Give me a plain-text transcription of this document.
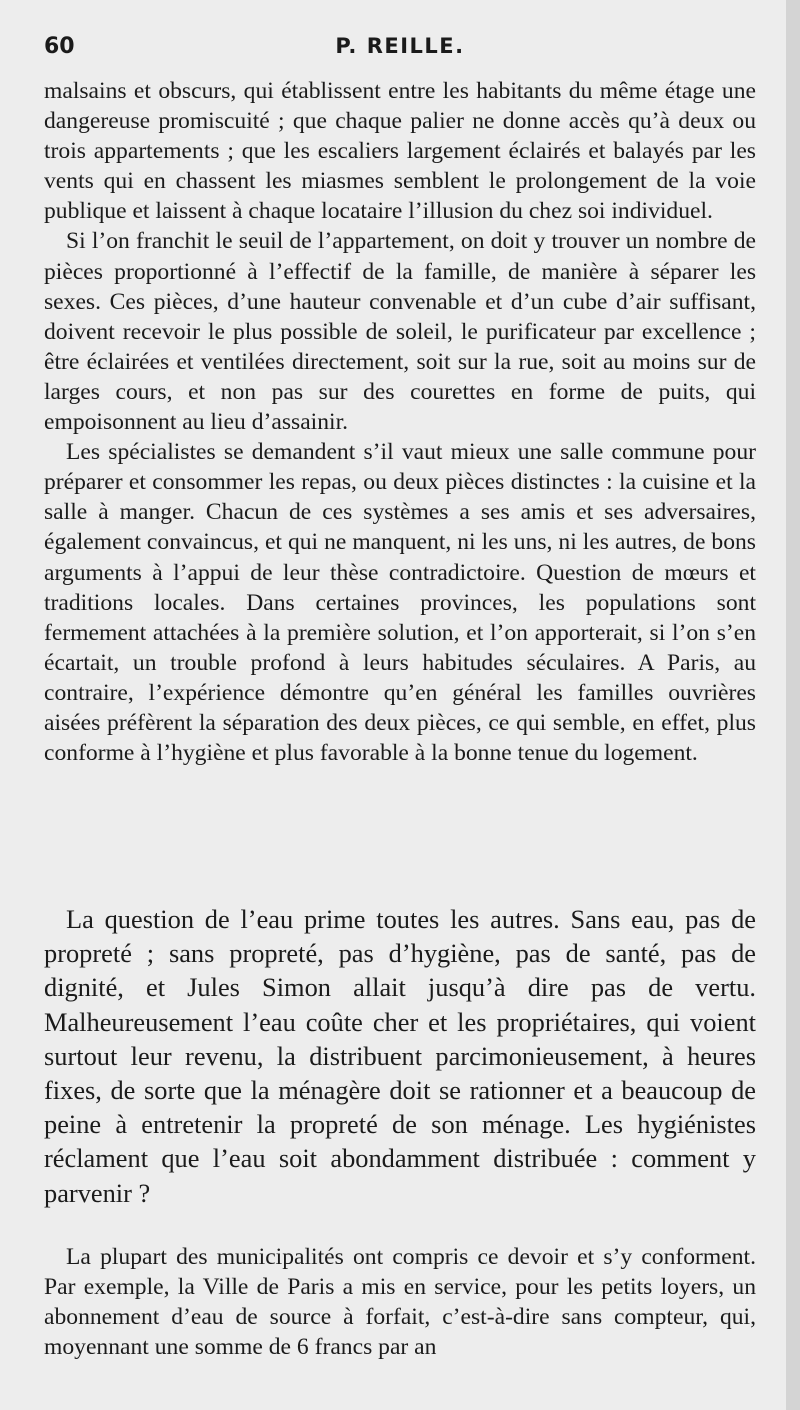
60	P. REILLE.

malsains et obscurs, qui établissent entre les habitants du même étage une dangereuse promiscuité ; que chaque palier ne donne accès qu’à deux ou trois appartements ; que les escaliers largement éclairés et balayés par les vents qui en chassent les miasmes semblent le prolongement de la voie publique et laissent à chaque locataire l’illusion du chez soi individuel.

Si l’on franchit le seuil de l’appartement, on doit y trouver un nombre de pièces proportionné à l’effectif de la famille, de manière à séparer les sexes. Ces pièces, d’une hauteur convenable et d’un cube d’air suffisant, doivent recevoir le plus possible de soleil, le purificateur par excellence ; être éclairées et ventilées directement, soit sur la rue, soit au moins sur de larges cours, et non pas sur des courettes en forme de puits, qui empoisonnent au lieu d’assainir.

Les spécialistes se demandent s’il vaut mieux une salle commune pour préparer et consommer les repas, ou deux pièces distinctes : la cuisine et la salle à manger. Chacun de ces systèmes a ses amis et ses adversaires, également convaincus, et qui ne manquent, ni les uns, ni les autres, de bons arguments à l’appui de leur thèse contradictoire. Question de mœurs et traditions locales. Dans certaines provinces, les populations sont fermement attachées à la première solution, et l’on apporterait, si l’on s’en écartait, un trouble profond à leurs habitudes séculaires. A Paris, au contraire, l’expérience démontre qu’en général les familles ouvrières aisées préfèrent la séparation des deux pièces, ce qui semble, en effet, plus conforme à l’hygiène et plus favorable à la bonne tenue du logement.

La question de l’eau prime toutes les autres. Sans eau, pas de propreté ; sans propreté, pas d’hygiène, pas de santé, pas de dignité, et Jules Simon allait jusqu’à dire pas de vertu. Malheureusement l’eau coûte cher et les propriétaires, qui voient surtout leur revenu, la distribuent parcimonieusement, à heures fixes, de sorte que la ménagère doit se rationner et a beaucoup de peine à entretenir la propreté de son ménage. Les hygiénistes réclament que l’eau soit abondamment distribuée : comment y parvenir ?

La plupart des municipalités ont compris ce devoir et s’y conforment. Par exemple, la Ville de Paris a mis en service, pour les petits loyers, un abonnement d’eau de source à forfait, c’est-à-dire sans compteur, qui, moyennant une somme de 6 francs par an
